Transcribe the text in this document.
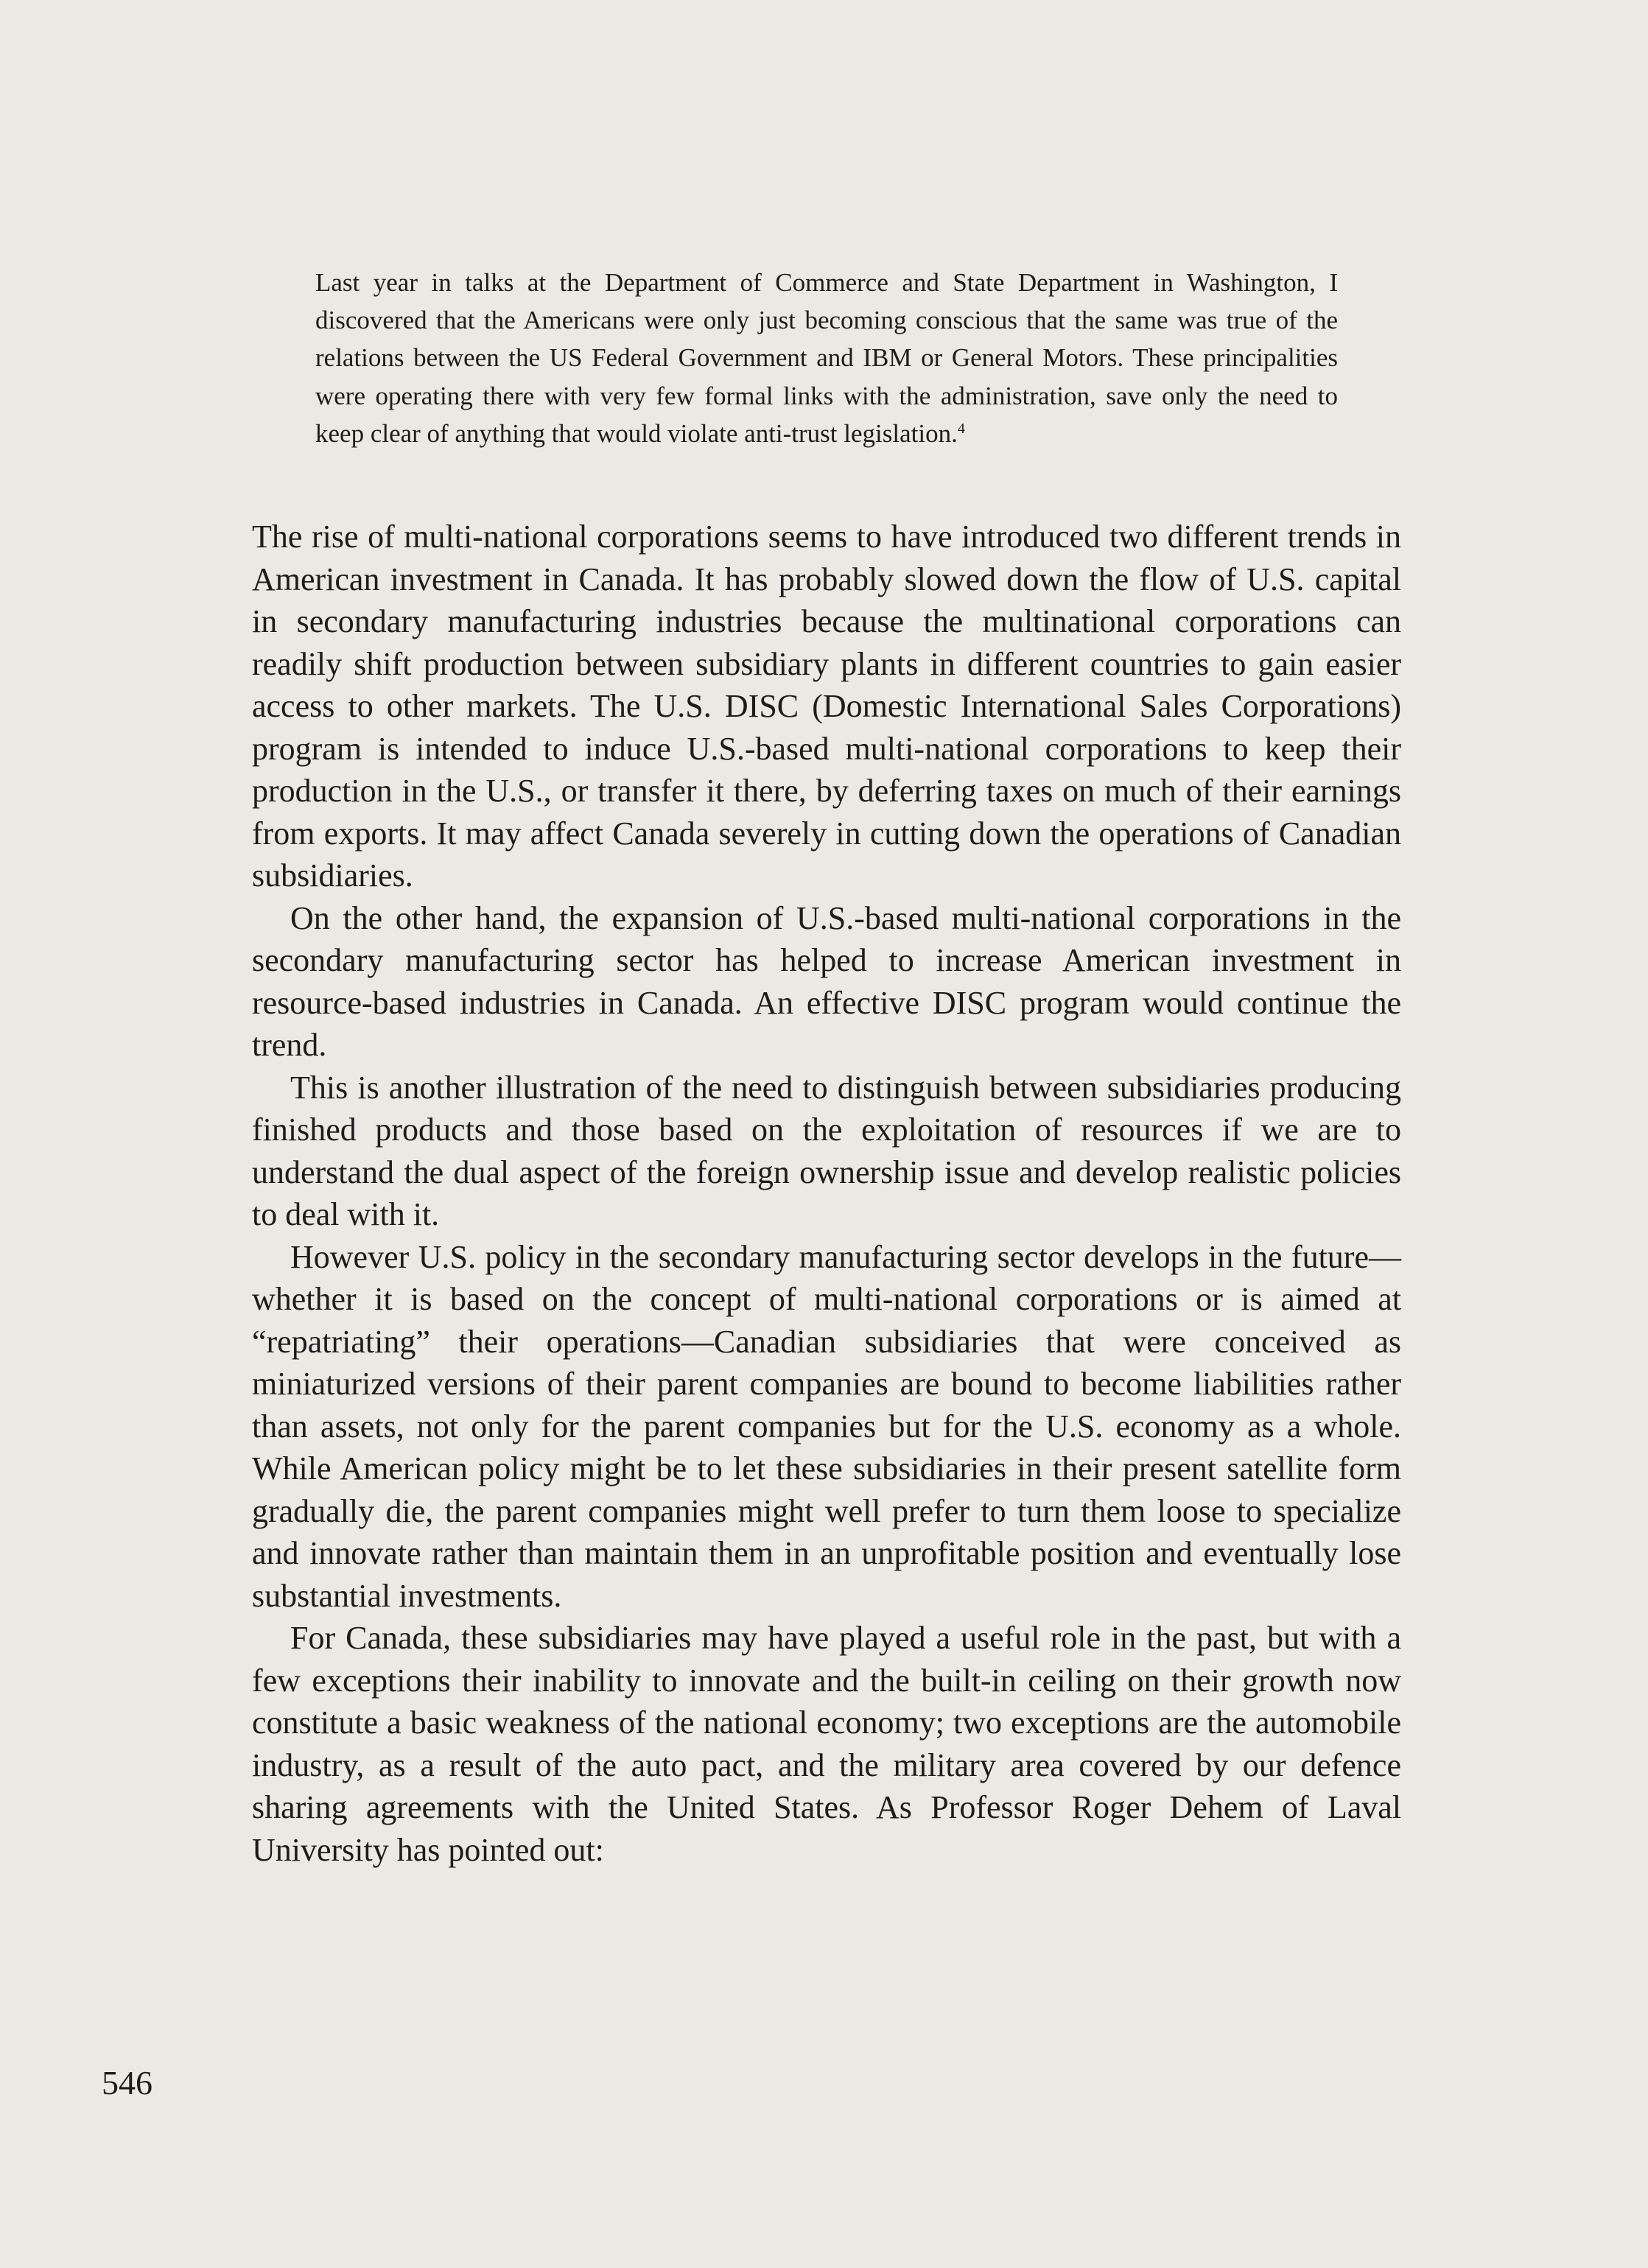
Last year in talks at the Department of Commerce and State Department in Washington, I discovered that the Americans were only just becoming conscious that the same was true of the relations between the US Federal Government and IBM or General Motors. These principalities were operating there with very few formal links with the administration, save only the need to keep clear of anything that would violate anti-trust legislation.$^4$

The rise of multi-national corporations seems to have introduced two different trends in American investment in Canada. It has probably slowed down the flow of U.S. capital in secondary manufacturing industries because the multinational corporations can readily shift production between subsidiary plants in different countries to gain easier access to other markets. The U.S. DISC (Domestic International Sales Corporations) program is intended to induce U.S.-based multi-national corporations to keep their production in the U.S., or transfer it there, by deferring taxes on much of their earnings from exports. It may affect Canada severely in cutting down the operations of Canadian subsidiaries.

On the other hand, the expansion of U.S.-based multi-national corporations in the secondary manufacturing sector has helped to increase American investment in resource-based industries in Canada. An effective DISC program would continue the trend.

This is another illustration of the need to distinguish between subsidiaries producing finished products and those based on the exploitation of resources if we are to understand the dual aspect of the foreign ownership issue and develop realistic policies to deal with it.

However U.S. policy in the secondary manufacturing sector develops in the future—whether it is based on the concept of multi-national corporations or is aimed at “repatriating” their operations—Canadian subsidiaries that were conceived as miniaturized versions of their parent companies are bound to become liabilities rather than assets, not only for the parent companies but for the U.S. economy as a whole. While American policy might be to let these subsidiaries in their present satellite form gradually die, the parent companies might well prefer to turn them loose to specialize and innovate rather than maintain them in an unprofitable position and eventually lose substantial investments.

For Canada, these subsidiaries may have played a useful role in the past, but with a few exceptions their inability to innovate and the built-in ceiling on their growth now constitute a basic weakness of the national economy; two exceptions are the automobile industry, as a result of the auto pact, and the military area covered by our defence sharing agreements with the United States. As Professor Roger Dehem of Laval University has pointed out:

546
